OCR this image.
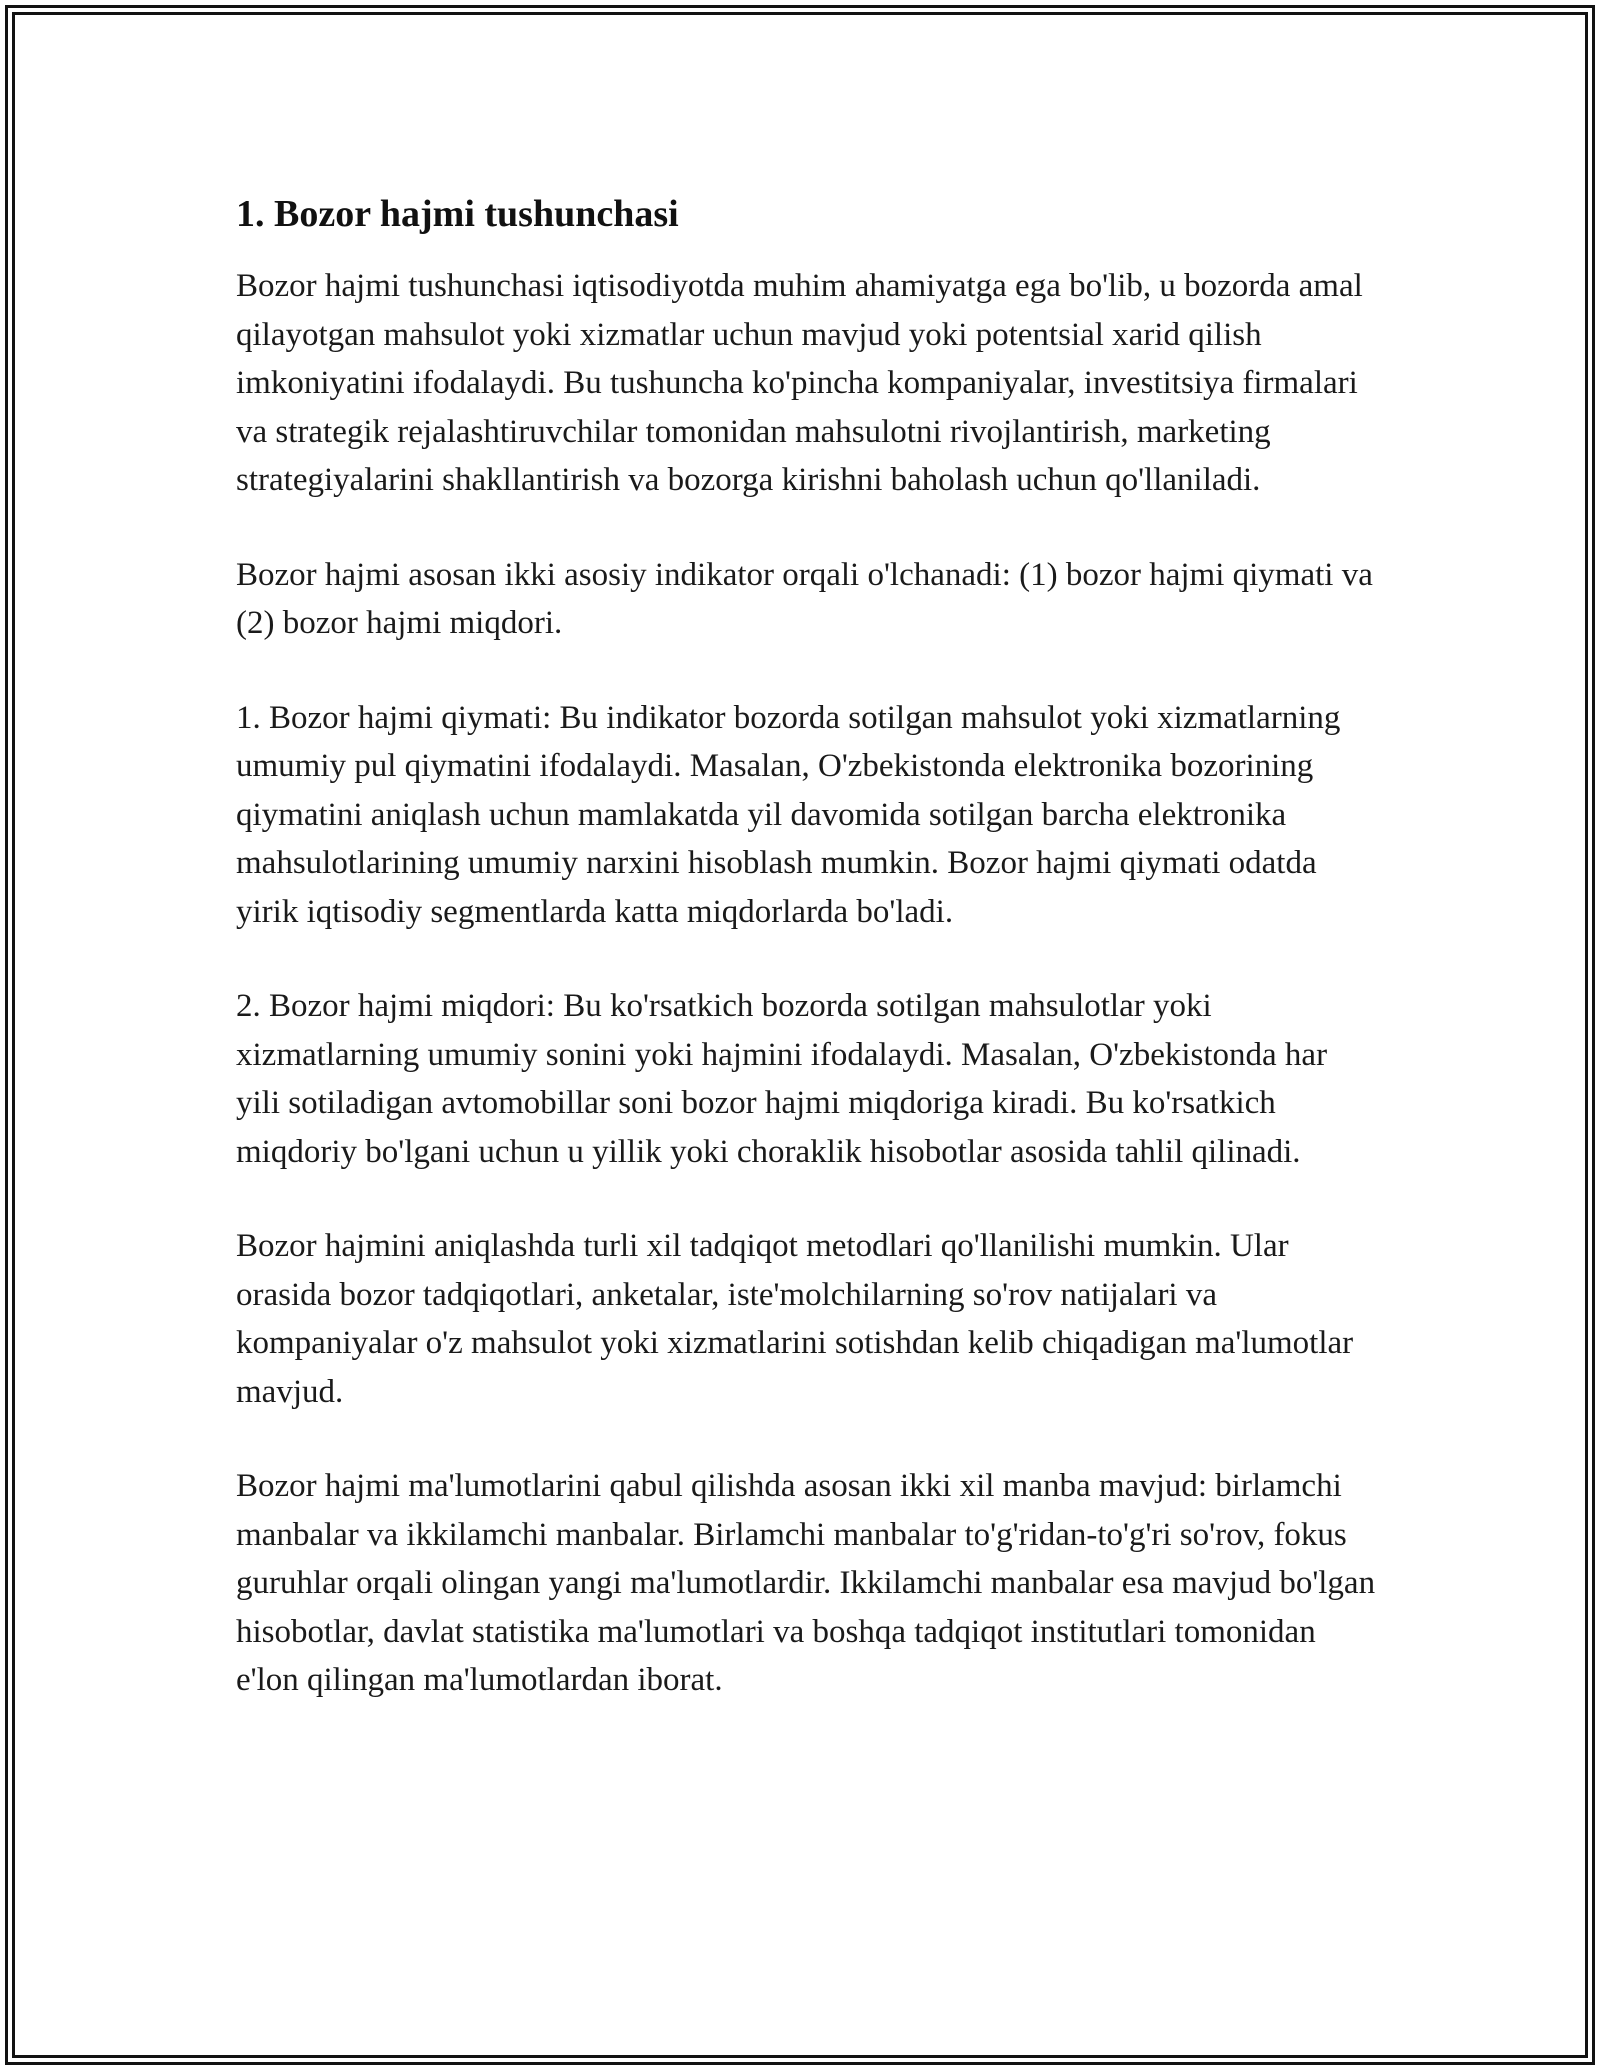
1. Bozor hajmi tushunchasi

Bozor hajmi tushunchasi iqtisodiyotda muhim ahamiyatga ega bo'lib, u bozorda amal qilayotgan mahsulot yoki xizmatlar uchun mavjud yoki potentsial xarid qilish imkoniyatini ifodalaydi. Bu tushuncha ko'pincha kompaniyalar, investitsiya firmalari va strategik rejalashtiruvchilar tomonidan mahsulotni rivojlantirish, marketing strategiyalarini shakllantirish va bozorga kirishni baholash uchun qo'llaniladi.

Bozor hajmi asosan ikki asosiy indikator orqali o'lchanadi: (1) bozor hajmi qiymati va (2) bozor hajmi miqdori.

1. Bozor hajmi qiymati: Bu indikator bozorda sotilgan mahsulot yoki xizmatlarning umumiy pul qiymatini ifodalaydi. Masalan, O'zbekistonda elektronika bozorining qiymatini aniqlash uchun mamlakatda yil davomida sotilgan barcha elektronika mahsulotlarining umumiy narxini hisoblash mumkin. Bozor hajmi qiymati odatda yirik iqtisodiy segmentlarda katta miqdorlarda bo'ladi.

2. Bozor hajmi miqdori: Bu ko'rsatkich bozorda sotilgan mahsulotlar yoki xizmatlarning umumiy sonini yoki hajmini ifodalaydi. Masalan, O'zbekistonda har yili sotiladigan avtomobillar soni bozor hajmi miqdoriga kiradi. Bu ko'rsatkich miqdoriy bo'lgani uchun u yillik yoki choraklik hisobotlar asosida tahlil qilinadi.

Bozor hajmini aniqlashda turli xil tadqiqot metodlari qo'llanilishi mumkin. Ular orasida bozor tadqiqotlari, anketalar, iste'molchilarning so'rov natijalari va kompaniyalar o'z mahsulot yoki xizmatlarini sotishdan kelib chiqadigan ma'lumotlar mavjud.

Bozor hajmi ma'lumotlarini qabul qilishda asosan ikki xil manba mavjud: birlamchi manbalar va ikkilamchi manbalar. Birlamchi manbalar to'g'ridan-to'g'ri so'rov, fokus guruhlar orqali olingan yangi ma'lumotlardir. Ikkilamchi manbalar esa mavjud bo'lgan hisobotlar, davlat statistika ma'lumotlari va boshqa tadqiqot institutlari tomonidan e'lon qilingan ma'lumotlardan iborat.
